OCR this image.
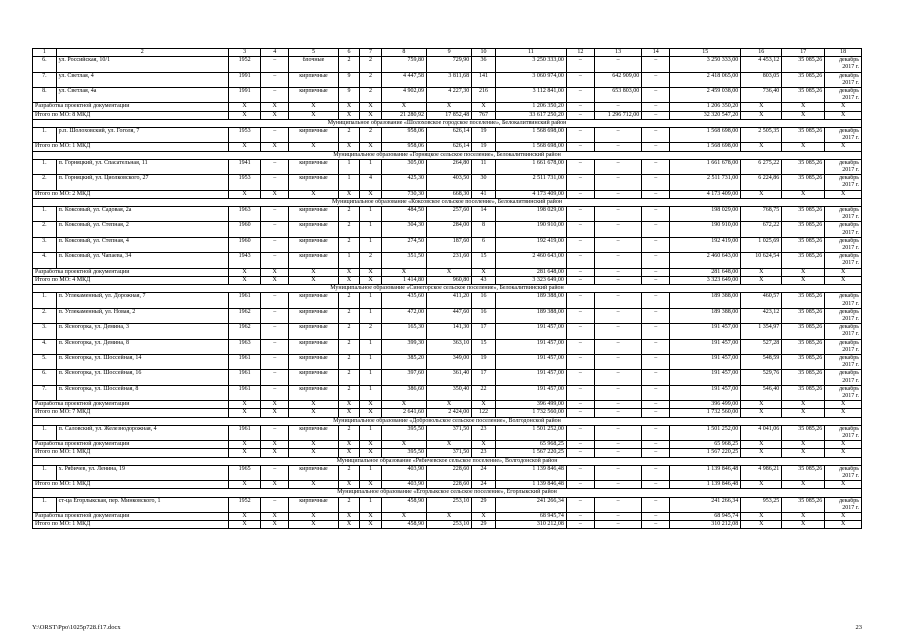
1	2	3	4	5	6	7	8	9	10	11	12	13	14	15	16	17	18
6.	ул. Российская, 10/1	1952	–	блочные	2	2	759,80	729,90	36	3 250 333,00	–	–	–	3 250 333,00	4 453,12	35 085,26	декабрь 2017 г.
7.	ул. Светлая, 4	1991	–	кирпичные	9	2	4 447,58	3 811,68	141	3 060 974,00	–	642 909,00	–	2 418 065,00	803,05	35 085,26	декабрь 2017 г.
8.	ул. Светлая, 4а	1991	–	кирпичные	9	2	4 902,09	4 227,30	216	3 112 841,00	–	653 803,00	–	2 459 038,00	736,40	35 085,26	декабрь 2017 г.
Разработка проектной документации		X	X	X	X	X	X	X	X	1 206 350,20	–	–	–	1 206 350,20	X	X	X
Итого по МО: 8 МКД		X	X	X	X	X	21 280,92	17 852,48	767	33 617 250,20	–	1 296 712,00	–	32 320 547,20	X	X	X
Муниципальное образование «Шолоховское городское поселение», Белокалитвинский район																	
1.	р.п. Шолоховский, ул. Гоголя, 7	1953	–	кирпичные	2	2	958,06	626,14	19	1 568 698,00	–	–	–	1 568 698,00	2 505,35	35 085,26	декабрь 2017 г.
Итого по МО: 1 МКД		X	X	X	X	X	958,06	626,14	19	1 568 698,00	–	–	–	1 568 698,00	X	X	X
Муниципальное образование «Горняцкое сельское поселение», Белокалитвинский район																	
1.	п. Горняцкий, ул. Спасательная, 11	1941	–	кирпичные	1	1	305,00	264,80	11	1 661 678,00	–	–	–	1 661 678,00	6 275,22	35 085,26	декабрь 2017 г.
2.	п. Горняцкий, ул. Циолковского, 27	1953	–	кирпичные	1	4	425,30	403,50	30	2 511 731,00	–	–	–	2 511 731,00	6 224,86	35 085,26	декабрь 2017 г.
Итого по МО: 2 МКД		X	X	X	X	X	730,30	668,30	41	4 173 409,00	–	–	–	4 173 409,00	X	X	X
Муниципальное образование «Коксовское сельское поселение», Белокалитвинский район																	
1.	п. Коксовый, ул. Садовая, 2а	1963	–	кирпичные	2	1	484,50	257,60	14	198 029,00	–	–	–	198 029,00	768,75	35 085,26	декабрь 2017 г.
2.	п. Коксовый, ул. Степная, 2	1960	–	кирпичные	2	1	304,30	284,00	8	190 910,00	–	–	–	190 910,00	672,22	35 085,26	декабрь 2017 г.
3.	п. Коксовый, ул. Степная, 4	1960	–	кирпичные	2	1	274,50	187,60	6	192 419,00	–	–	–	192 419,00	1 025,69	35 085,26	декабрь 2017 г.
4.	п. Коксовый, ул. Чапаева, 34	1943	–	кирпичные	1	2	351,50	231,60	15	2 460 643,00	–	–	–	2 460 643,00	10 624,54	35 085,26	декабрь 2017 г.
Разработка проектной документации		X	X	X	X	X	X	X	X	281 648,00	–	–	–	281 648,00	X	X	X
Итого по МО: 4 МКД		X	X	X	X	X	1 414,80	960,80	43	3 323 649,00	–	–	–	3 323 649,00	X	X	X
Муниципальное образование «Синегорское сельское поселение», Белокалитвинский район																	
1.	п. Углекаменный, ул. Дорожная, 7	1961	–	кирпичные	2	1	435,60	411,20	16	189 388,00	–	–	–	189 388,00	460,57	35 085,26	декабрь 2017 г.
2.	п. Углекаменный, ул. Новая, 2	1962	–	кирпичные	2	1	472,00	447,60	16	189 388,00	–	–	–	189 388,00	423,12	35 085,26	декабрь 2017 г.
3.	п. Ясногорка, ул. Демина, 3	1962	–	кирпичные	2	2	165,30	141,30	17	191 457,00	–	–	–	191 457,00	1 354,97	35 085,26	декабрь 2017 г.
4.	п. Ясногорка, ул. Демина, 8	1963	–	кирпичные	2	1	399,30	363,10	15	191 457,00	–	–	–	191 457,00	527,28	35 085,26	декабрь 2017 г.
5.	п. Ясногорка, ул. Шоссейная, 14	1961	–	кирпичные	2	1	385,20	349,00	19	191 457,00	–	–	–	191 457,00	548,59	35 085,26	декабрь 2017 г.
6.	п. Ясногорка, ул. Шоссейная, 16	1961	–	кирпичные	2	1	397,60	361,40	17	191 457,00	–	–	–	191 457,00	529,76	35 085,26	декабрь 2017 г.
7.	п. Ясногорка, ул. Шоссейная, 8	1961	–	кирпичные	2	1	386,60	350,40	22	191 457,00	–	–	–	191 457,00	546,40	35 085,26	декабрь 2017 г.
Разработка проектной документации		X	X	X	X	X	X	X	X	396 499,00	–	–	–	396 499,00	X	X	X
Итого по МО: 7 МКД		X	X	X	X	X	2 641,60	2 424,00	122	1 732 560,00	–	–	–	1 732 560,00	X	X	X
Муниципальное образование «Добровольское сельское поселение», Волгодонской район																	
1.	п. Саловский, ул. Железнодорожная, 4	1961	–	кирпичные	2	1	395,50	371,50	23	1 501 252,00	–	–	–	1 501 252,00	4 041,06	35 085,26	декабрь 2017 г.
Разработка проектной документации		X	X	X	X	X	X	X	X	65 968,25	–	–	–	65 968,25	X	X	X
Итого по МО: 1 МКД		X	X	X	X	X	395,50	371,50	23	1 567 220,25	–	–	–	1 567 220,25	X	X	X
Муниципальное образование «Рябичевское сельское поселение», Волгодонской район																	
1.	х. Рябичев, ул. Ленина, 19	1965	–	кирпичные	2	1	403,90	228,60	24	1 139 846,48	–	–	–	1 139 846,48	4 986,21	35 085,26	декабрь 2017 г.
Итого по МО: 1 МКД		X	X	X	X	X	403,90	228,60	24	1 139 846,48	–	–	–	1 139 846,48	X	X	X
Муниципальное образование «Егорлыкское сельское поселение», Егорлыкский район																	
1.	ст-ца Егорлыкская, пер. Минковского, 1	1952	–	кирпичные	2	1	458,90	253,10	29	241 266,34	–	–	–	241 266,34	953,25	35 085,26	декабрь 2017 г.
Разработка проектной документации		X	X	X	X	X	X	X	X	68 945,74	–	–	–	68 945,74	X	X	X
Итого по МО: 1 МКД		X	X	X	X	X	458,90	253,10	29	310 212,08	–	–	–	310 212,08	X	X	X
Y:\ORST\Ppo\1025p728.f17.docx	23
